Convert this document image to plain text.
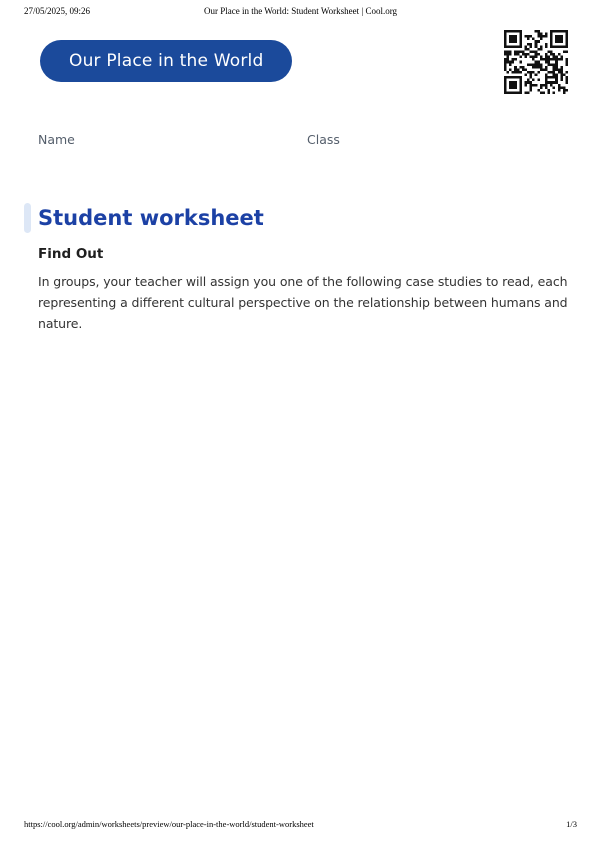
27/05/2025, 09:26	Our Place in the World: Student Worksheet | Cool.org
Our Place in the World
Name	Class
Student worksheet
Find Out
In groups, your teacher will assign you one of the following case studies to read, each representing a different cultural perspective on the relationship between humans and nature.
https://cool.org/admin/worksheets/preview/our-place-in-the-world/student-worksheet	1/3
